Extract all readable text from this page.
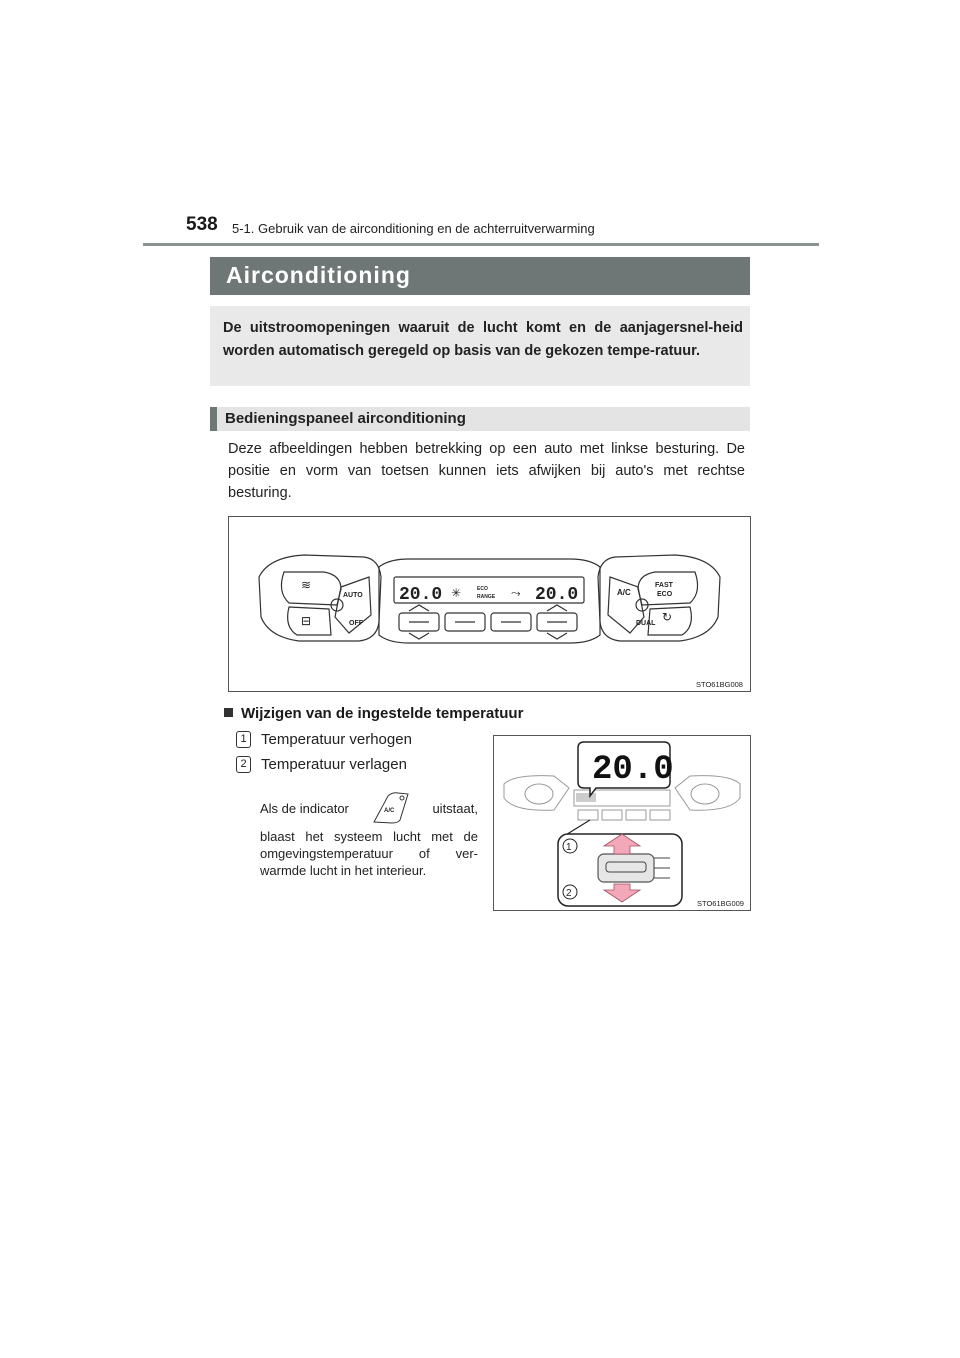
538 5-1. Gebruik van de airconditioning en de achterruitverwarming
Airconditioning

De uitstroomopeningen waaruit de lucht komt en de aanjagersnel-heid worden automatisch geregeld op basis van de gekozen tempe-ratuur.

Bedieningspaneel airconditioning

Deze afbeeldingen hebben betrekking op een auto met linkse besturing. De positie en vorm van toetsen kunnen iets afwijken bij auto's met rechtse besturing.

AUTO
OFF
A/C
FAST
ECO
DUAL
20.0	20.0
ECO
RANGE
≋
⊟
✳	⤳
↻
STO61BG008
Wijzigen van de ingestelde temperatuur
1 Temperatuur verhogen
2 Temperatuur verlagen
Als de indicator	A/C	uitstaat,
blaast het systeem lucht met de omgevingstemperatuur of ver-warmde lucht in het interieur.
20.0
1
2
STO61BG009
